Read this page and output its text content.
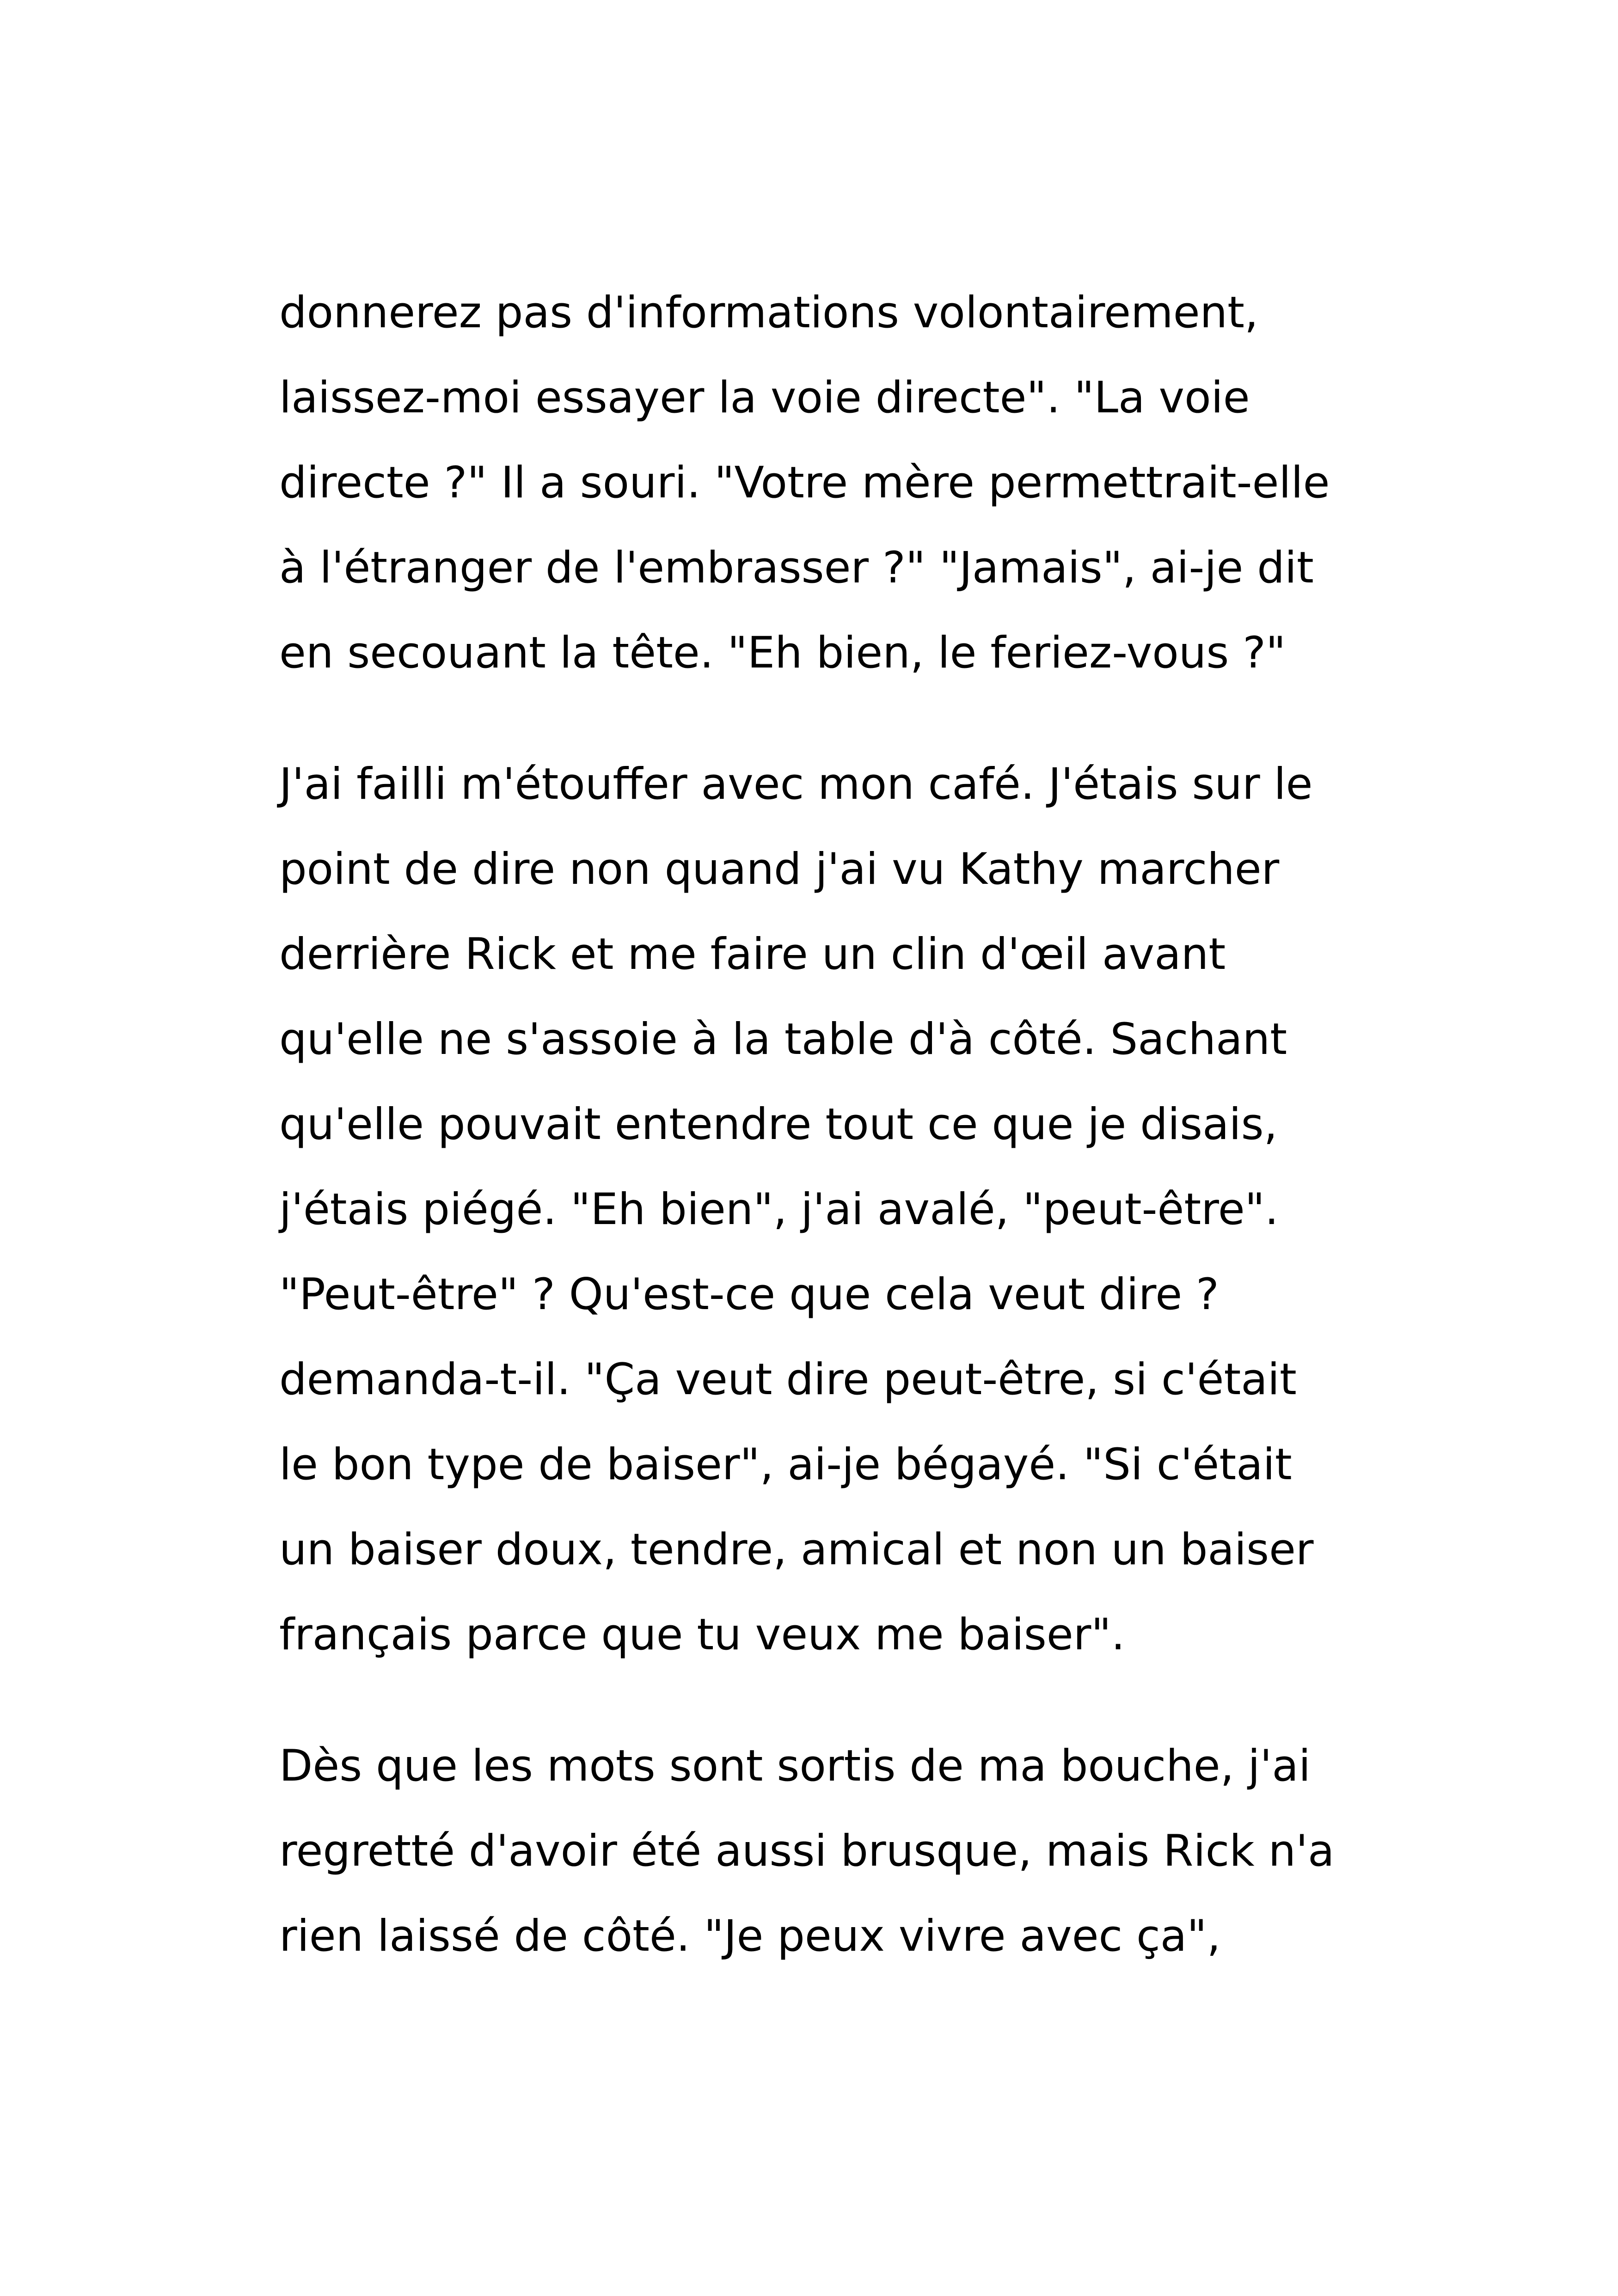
donnerez pas d'informations volontairement,
laissez-moi essayer la voie directe". "La voie
directe ?" Il a souri. "Votre mère permettrait-elle
à l'étranger de l'embrasser ?" "Jamais", ai-je dit
en secouant la tête. "Eh bien, le feriez-vous ?"

J'ai failli m'étouffer avec mon café. J'étais sur le
point de dire non quand j'ai vu Kathy marcher
derrière Rick et me faire un clin d'œil avant
qu'elle ne s'assoie à la table d'à côté. Sachant
qu'elle pouvait entendre tout ce que je disais,
j'étais piégé. "Eh bien", j'ai avalé, "peut-être".
"Peut-être" ? Qu'est-ce que cela veut dire ?
demanda-t-il. "Ça veut dire peut-être, si c'était
le bon type de baiser", ai-je bégayé. "Si c'était
un baiser doux, tendre, amical et non un baiser
français parce que tu veux me baiser".

Dès que les mots sont sortis de ma bouche, j'ai
regretté d'avoir été aussi brusque, mais Rick n'a
rien laissé de côté. "Je peux vivre avec ça",
